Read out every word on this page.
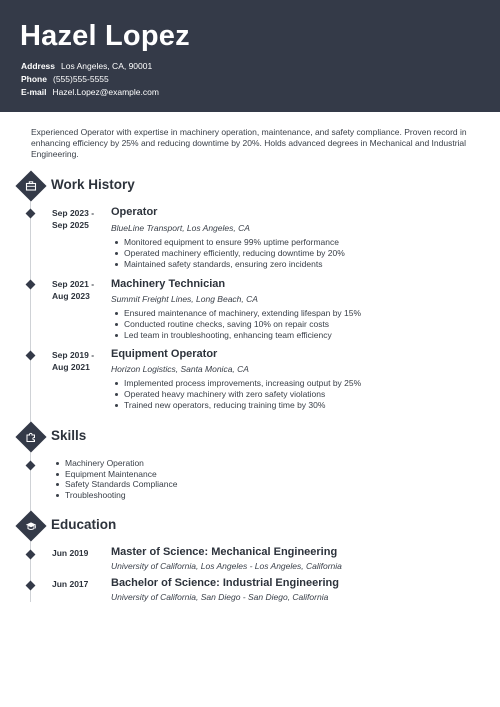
Hazel Lopez
Address Los Angeles, CA, 90001
Phone (555)555-5555
E-mail Hazel.Lopez@example.com
Experienced Operator with expertise in machinery operation, maintenance, and safety compliance. Proven record in enhancing efficiency by 25% and reducing downtime by 20%. Holds advanced degrees in Mechanical and Industrial Engineering.
Work History
Sep 2023 -
Sep 2025
Operator
BlueLine Transport, Los Angeles, CA
Monitored equipment to ensure 99% uptime performance
Operated machinery efficiently, reducing downtime by 20%
Maintained safety standards, ensuring zero incidents
Sep 2021 -
Aug 2023
Machinery Technician
Summit Freight Lines, Long Beach, CA
Ensured maintenance of machinery, extending lifespan by 15%
Conducted routine checks, saving 10% on repair costs
Led team in troubleshooting, enhancing team efficiency
Sep 2019 -
Aug 2021
Equipment Operator
Horizon Logistics, Santa Monica, CA
Implemented process improvements, increasing output by 25%
Operated heavy machinery with zero safety violations
Trained new operators, reducing training time by 30%
Skills
Machinery Operation
Equipment Maintenance
Safety Standards Compliance
Troubleshooting
Education
Jun 2019 Master of Science: Mechanical Engineering
University of California, Los Angeles - Los Angeles, California
Jun 2017 Bachelor of Science: Industrial Engineering
University of California, San Diego - San Diego, California
